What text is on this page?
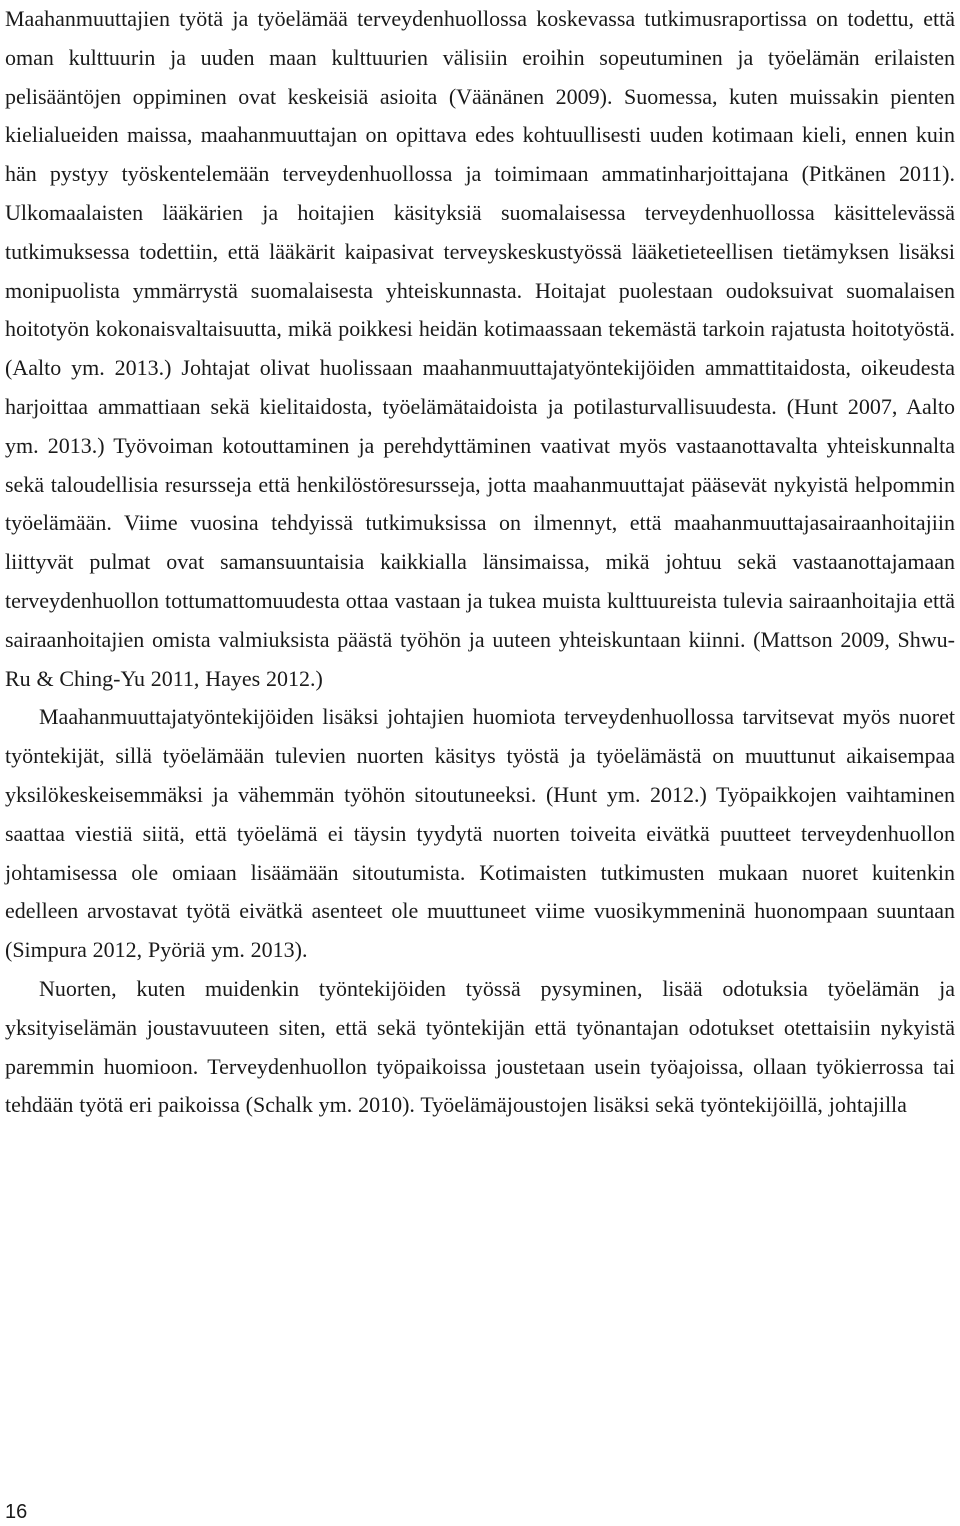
Maahanmuuttajien työtä ja työelämää terveydenhuollossa koskevassa tutkimusraportissa on todettu, että oman kulttuurin ja uuden maan kulttuurien välisiin eroihin sopeutuminen ja työelämän erilaisten pelisääntöjen oppiminen ovat keskeisiä asioita (Väänänen 2009). Suomessa, kuten muissakin pienten kielialueiden maissa, maahanmuuttajan on opittava edes kohtuullisesti uuden kotimaan kieli, ennen kuin hän pystyy työskentelemään terveydenhuollossa ja toimimaan ammatinharjoittajana (Pitkänen 2011). Ulkomaalaisten lääkärien ja hoitajien käsityksiä suomalaisessa terveydenhuollossa käsittelevässä tutkimuksessa todettiin, että lääkärit kaipasivat terveyskeskustyössä lääketieteellisen tietämyksen lisäksi monipuolista ymmärrystä suomalaisesta yhteiskunnasta. Hoitajat puolestaan oudoksuivat suomalaisen hoitotyön kokonaisvaltaisuutta, mikä poikkesi heidän kotimaassaan tekemästä tarkoin rajatusta hoitotyöstä. (Aalto ym. 2013.) Johtajat olivat huolissaan maahanmuuttajatyöntekijöiden ammattitaidosta, oikeudesta harjoittaa ammattiaan sekä kielitaidosta, työelämätaidoista ja potilasturvallisuudesta. (Hunt 2007, Aalto ym. 2013.) Työvoiman kotouttaminen ja perehdyttäminen vaativat myös vastaanottavalta yhteiskunnalta sekä taloudellisia resursseja että henkilöstöresursseja, jotta maahanmuuttajat pääsevät nykyistä helpommin työelämään. Viime vuosina tehdyissä tutkimuksissa on ilmennyt, että maahanmuuttajasairaanhoitajiin liittyvät pulmat ovat samansuuntaisia kaikkialla länsimaissa, mikä johtuu sekä vastaanottajamaan terveydenhuollon tottumattomuudesta ottaa vastaan ja tukea muista kulttuureista tulevia sairaanhoitajia että sairaanhoitajien omista valmiuksista päästä työhön ja uuteen yhteiskuntaan kiinni. (Mattson 2009, Shwu-Ru & Ching-Yu 2011, Hayes 2012.)

Maahanmuuttajatyöntekijöiden lisäksi johtajien huomiota terveydenhuollossa tarvitsevat myös nuoret työntekijät, sillä työelämään tulevien nuorten käsitys työstä ja työelämästä on muuttunut aikaisempaa yksilökeskeisemmäksi ja vähemmän työhön sitoutuneeksi. (Hunt ym. 2012.) Työpaikkojen vaihtaminen saattaa viestiä siitä, että työelämä ei täysin tyydytä nuorten toiveita eivätkä puutteet terveydenhuollon johtamisessa ole omiaan lisäämään sitoutumista. Kotimaisten tutkimusten mukaan nuoret kuitenkin edelleen arvostavat työtä eivätkä asenteet ole muuttuneet viime vuosikymmeninä huonompaan suuntaan (Simpura 2012, Pyöriä ym. 2013).

Nuorten, kuten muidenkin työntekijöiden työssä pysyminen, lisää odotuksia työelämän ja yksityiselämän joustavuuteen siten, että sekä työntekijän että työnantajan odotukset otettaisiin nykyistä paremmin huomioon. Terveydenhuollon työpaikoissa joustetaan usein työajoissa, ollaan työkierrossa tai tehdään työtä eri paikoissa (Schalk ym. 2010). Työelämäjoustojen lisäksi sekä työntekijöillä, johtajilla

16
